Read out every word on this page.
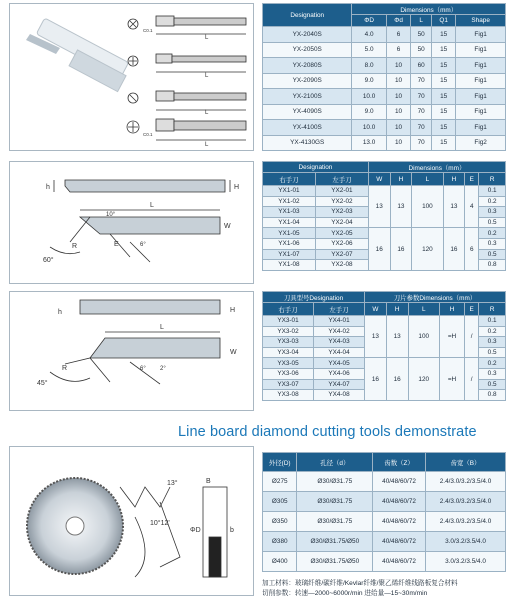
L
L
L
L
C0.1
C0.1
Designation	Dimensions（mm）				
	ΦD	Φd	L	Q1	Shape
YX-2040S	4.0	6	50	15	Fig1
YX-2050S	5.0	6	50	15	Fig1
YX-2080S	8.0	10	60	15	Fig1
YX-2090S	9.0	10	70	15	Fig1
YX-2100S	10.0	10	70	15	Fig1
YX-4090S	9.0	10	70	15	Fig1
YX-4100S	10.0	10	70	15	Fig1
YX-4130GS	13.0	10	70	15	Fig2
h	H
L
10°
W
R	E	6°
60°
Designation		Dimensions（mm）					
右手刀	左手刀	W	H	L	H	E	R
YX1-01	YX2-01	13	13	100	13	4	0.1
YX1-02	YX2-02						0.2
YX1-03	YX2-03						0.3
YX1-04	YX2-04						0.5
YX1-05	YX2-05	16	16	120	16	6	0.2
YX1-06	YX2-06						0.3
YX1-07	YX2-07						0.5
YX1-08	YX2-08						0.8
h	H
L
W
R
45°
6° 2°
刀具型号Designation		刀片参数Dimensions（mm）					
右手刀	左手刀	W	H	L	H	E	R
YX3-01	YX4-01	13	13	100	=H	/	0.1
YX3-02	YX4-02						0.2
YX3-03	YX4-03						0.3
YX3-04	YX4-04						0.5
YX3-05	YX4-05	16	16	120	=H	/	0.2
YX3-06	YX4-06						0.3
YX3-07	YX4-07						0.5
YX3-08	YX4-08						0.8
Line board diamond cutting tools demonstrate
13°
10°12'
B
ΦD	b
外径(D)	孔径（d）	齿数（Z）	齿宽（B）
Ø275	Ø30/Ø31.75	40/48/60/72	2.4/3.0/3.2/3.5/4.0
Ø305	Ø30/Ø31.75	40/48/60/72	2.4/3.0/3.2/3.5/4.0
Ø350	Ø30/Ø31.75	40/48/60/72	2.4/3.0/3.2/3.5/4.0
Ø380	Ø30/Ø31.75/Ø50	40/48/60/72	3.0/3.2/3.5/4.0
Ø400	Ø30/Ø31.75/Ø50	40/48/60/72	3.0/3.2/3.5/4.0
加工材料：玻璃纤维/碳纤维/Kevlar纤维/聚乙烯纤维线路板复合材料
切削参数：转速—2000~6000r/min 进给量—15~30m/min
